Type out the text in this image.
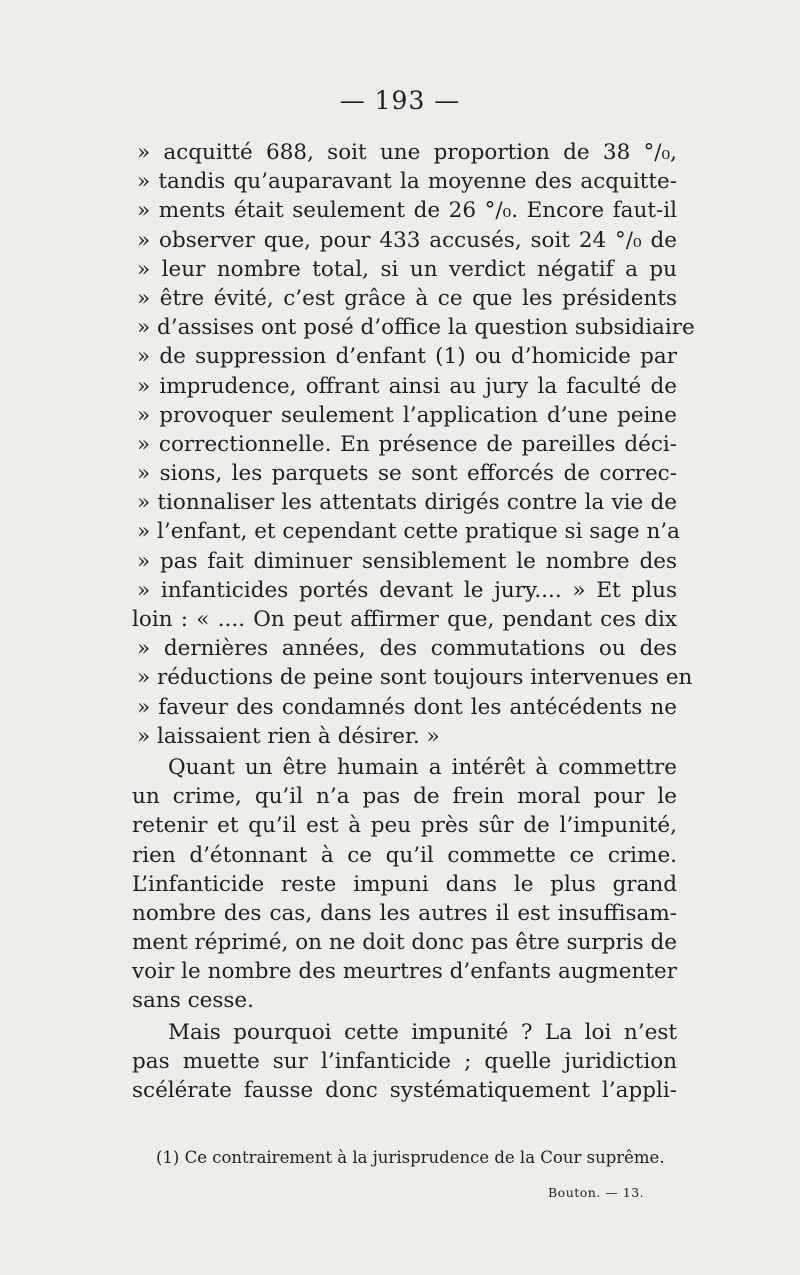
— 193 —
» acquitté 688, soit une proportion de 38 °/₀,
» tandis qu’auparavant la moyenne des acquitte-
» ments était seulement de 26 °/₀. Encore faut-il
» observer que, pour 433 accusés, soit 24 °/₀ de
» leur nombre total, si un verdict négatif a pu
» être évité, c’est grâce à ce que les présidents
» d’assises ont posé d’office la question subsidiaire
» de suppression d’enfant (1) ou d’homicide par
» imprudence, offrant ainsi au jury la faculté de
» provoquer seulement l’application d’une peine
» correctionnelle. En présence de pareilles déci-
» sions, les parquets se sont efforcés de correc-
» tionnaliser les attentats dirigés contre la vie de
» l’enfant, et cependant cette pratique si sage n’a
» pas fait diminuer sensiblement le nombre des
» infanticides portés devant le jury.... » Et plus
loin : « .... On peut affirmer que, pendant ces dix
» dernières années, des commutations ou des
» réductions de peine sont toujours intervenues en
» faveur des condamnés dont les antécédents ne
» laissaient rien à désirer. »
Quant un être humain a intérêt à commettre
un crime, qu’il n’a pas de frein moral pour le
retenir et qu’il est à peu près sûr de l’impunité,
rien d’étonnant à ce qu’il commette ce crime.
L’infanticide reste impuni dans le plus grand
nombre des cas, dans les autres il est insuffisam-
ment réprimé, on ne doit donc pas être surpris de
voir le nombre des meurtres d’enfants augmenter
sans cesse.
Mais pourquoi cette impunité ? La loi n’est
pas muette sur l’infanticide ; quelle juridiction
scélérate fausse donc systématiquement l’appli-
(1) Ce contrairement à la jurisprudence de la Cour suprême.
Bouton. — 13.
